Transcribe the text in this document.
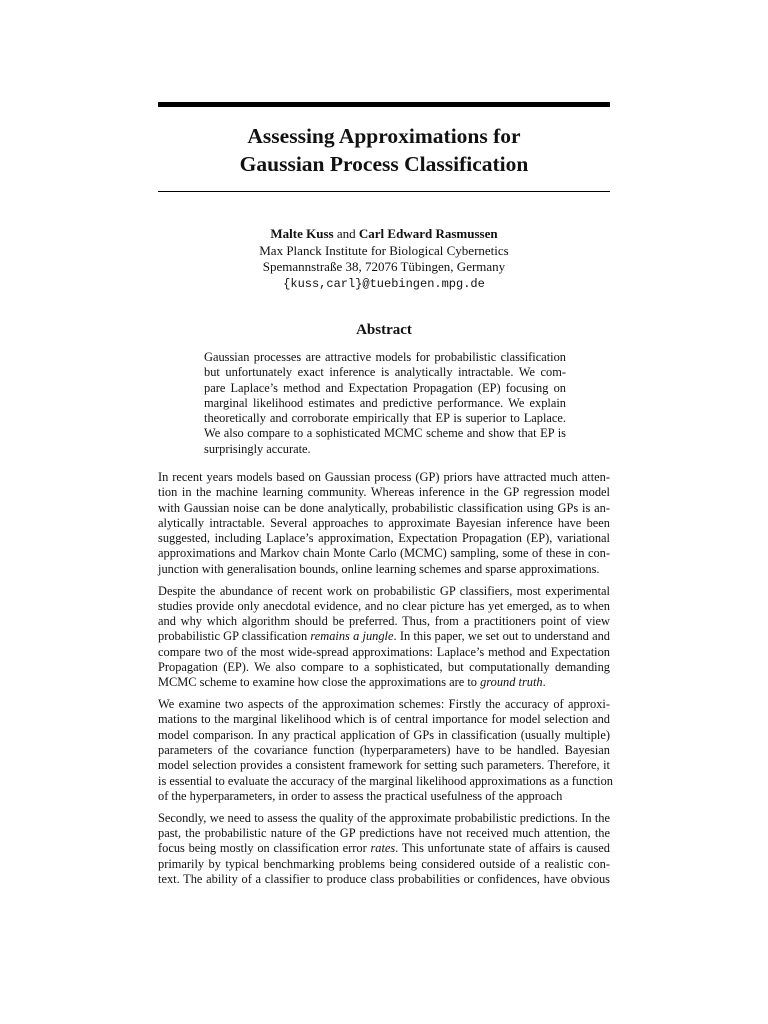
Assessing Approximations for
Gaussian Process Classification
Malte Kuss and Carl Edward Rasmussen
Max Planck Institute for Biological Cybernetics
Spemannstraße 38, 72076 Tübingen, Germany
{kuss,carl}@tuebingen.mpg.de
Abstract
Gaussian processes are attractive models for probabilistic classification
but unfortunately exact inference is analytically intractable. We com-
pare Laplace’s method and Expectation Propagation (EP) focusing on
marginal likelihood estimates and predictive performance. We explain
theoretically and corroborate empirically that EP is superior to Laplace.
We also compare to a sophisticated MCMC scheme and show that EP is
surprisingly accurate.
In recent years models based on Gaussian process (GP) priors have attracted much atten-
tion in the machine learning community. Whereas inference in the GP regression model
with Gaussian noise can be done analytically, probabilistic classification using GPs is an-
alytically intractable. Several approaches to approximate Bayesian inference have been
suggested, including Laplace’s approximation, Expectation Propagation (EP), variational
approximations and Markov chain Monte Carlo (MCMC) sampling, some of these in con-
junction with generalisation bounds, online learning schemes and sparse approximations.
Despite the abundance of recent work on probabilistic GP classifiers, most experimental
studies provide only anecdotal evidence, and no clear picture has yet emerged, as to when
and why which algorithm should be preferred. Thus, from a practitioners point of view
probabilistic GP classification remains a jungle. In this paper, we set out to understand and
compare two of the most wide-spread approximations: Laplace’s method and Expectation
Propagation (EP). We also compare to a sophisticated, but computationally demanding
MCMC scheme to examine how close the approximations are to ground truth.
We examine two aspects of the approximation schemes: Firstly the accuracy of approxi-
mations to the marginal likelihood which is of central importance for model selection and
model comparison. In any practical application of GPs in classification (usually multiple)
parameters of the covariance function (hyperparameters) have to be handled. Bayesian
model selection provides a consistent framework for setting such parameters. Therefore, it
is essential to evaluate the accuracy of the marginal likelihood approximations as a function
of the hyperparameters, in order to assess the practical usefulness of the approach
Secondly, we need to assess the quality of the approximate probabilistic predictions. In the
past, the probabilistic nature of the GP predictions have not received much attention, the
focus being mostly on classification error rates. This unfortunate state of affairs is caused
primarily by typical benchmarking problems being considered outside of a realistic con-
text. The ability of a classifier to produce class probabilities or confidences, have obvious
